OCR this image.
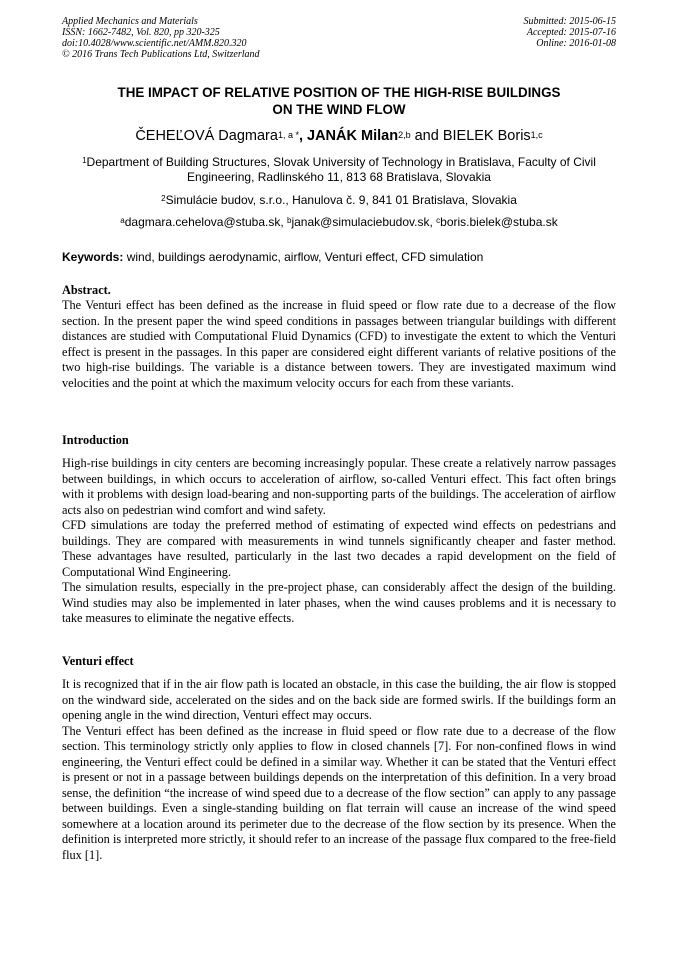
Applied Mechanics and Materials
ISSN: 1662-7482, Vol. 820, pp 320-325
doi:10.4028/www.scientific.net/AMM.820.320
© 2016 Trans Tech Publications Ltd, Switzerland
Submitted: 2015-06-15
Accepted: 2015-07-16
Online: 2016-01-08
THE IMPACT OF RELATIVE POSITION OF THE HIGH-RISE BUILDINGS
ON THE WIND FLOW
ČEHEĽOVÁ Dagmara$^{1, a *}$, JANÁK Milan$^{2,b}$ and BIELEK Boris$^{1,c}$
$^1$Department of Building Structures, Slovak University of Technology in Bratislava, Faculty of Civil Engineering, Radlinského 11, 813 68 Bratislava, Slovakia
$^2$Simulácie budov, s.r.o., Hanulova č. 9, 841 01 Bratislava, Slovakia
$^a$dagmara.cehelova@stuba.sk, $^b$janak@simulaciebudov.sk, $^c$boris.bielek@stuba.sk
Keywords: wind, buildings aerodynamic, airflow, Venturi effect, CFD simulation
Abstract.

The Venturi effect has been defined as the increase in fluid speed or flow rate due to a decrease of the flow section. In the present paper the wind speed conditions in passages between triangular buildings with different distances are studied with Computational Fluid Dynamics (CFD) to investigate the extent to which the Venturi effect is present in the passages. In this paper are considered eight different variants of relative positions of the two high-rise buildings. The variable is a distance between towers. They are investigated maximum wind velocities and the point at which the maximum velocity occurs for each from these variants.

Introduction

High-rise buildings in city centers are becoming increasingly popular. These create a relatively narrow passages between buildings, in which occurs to acceleration of airflow, so-called Venturi effect. This fact often brings with it problems with design load-bearing and non-supporting parts of the buildings. The acceleration of airflow acts also on pedestrian wind comfort and wind safety.

CFD simulations are today the preferred method of estimating of expected wind effects on pedestrians and buildings. They are compared with measurements in wind tunnels significantly cheaper and faster method. These advantages have resulted, particularly in the last two decades a rapid development on the field of Computational Wind Engineering.

The simulation results, especially in the pre-project phase, can considerably affect the design of the building. Wind studies may also be implemented in later phases, when the wind causes problems and it is necessary to take measures to eliminate the negative effects.

Venturi effect

It is recognized that if in the air flow path is located an obstacle, in this case the building, the air flow is stopped on the windward side, accelerated on the sides and on the back side are formed swirls. If the buildings form an opening angle in the wind direction, Venturi effect may occurs.

The Venturi effect has been defined as the increase in fluid speed or flow rate due to a decrease of the flow section. This terminology strictly only applies to flow in closed channels [7]. For non-confined flows in wind engineering, the Venturi effect could be defined in a similar way. Whether it can be stated that the Venturi effect is present or not in a passage between buildings depends on the interpretation of this definition. In a very broad sense, the definition “the increase of wind speed due to a decrease of the flow section” can apply to any passage between buildings. Even a single-standing building on flat terrain will cause an increase of the wind speed somewhere at a location around its perimeter due to the decrease of the flow section by its presence. When the definition is interpreted more strictly, it should refer to an increase of the passage flux compared to the free-field flux [1].
